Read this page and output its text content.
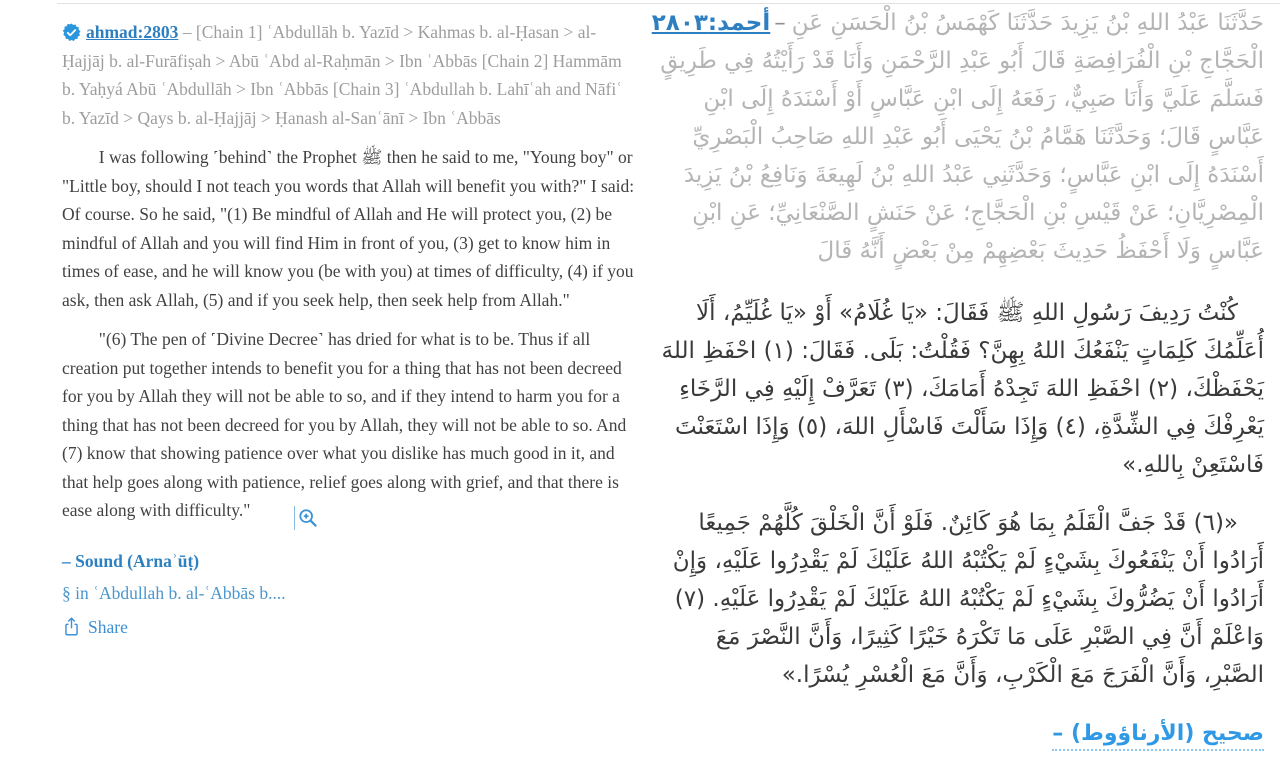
ahmad:2803 – [Chain 1] ʿAbdullāh b. Yazīd > Kahmas b. al-Ḥasan > al-Ḥajjāj b. al-Furāfiṣah > Abū ʿAbd al-Raḥmān > Ibn ʿAbbās [Chain 2] Hammām b. Yaḥyá Abū ʿAbdullāh > Ibn ʿAbbās [Chain 3] ʿAbdullah b. Lahīʿah and Nāfiʿ b. Yazīd > Qays b. al-Ḥajjāj > Ḥanash al-Sanʿānī > Ibn ʿAbbās

I was following ˹behind˺ the Prophet ﷺ then he said to me, "Young boy" or "Little boy, should I not teach you words that Allah will benefit you with?" I said: Of course. So he said, "(1) Be mindful of Allah and He will protect you, (2) be mindful of Allah and you will find Him in front of you, (3) get to know him in times of ease, and he will know you (be with you) at times of difficulty, (4) if you ask, then ask Allah, (5) and if you seek help, then seek help from Allah."

"(6) The pen of ˹Divine Decree˺ has dried for what is to be. Thus if all creation put together intends to benefit you for a thing that has not been decreed for you by Allah they will not be able to so, and if they intend to harm you for a thing that has not been decreed for you by Allah, they will not be able to so. And (7) know that showing patience over what you dislike has much good in it, and that help goes along with patience, relief goes along with grief, and that there is ease along with difficulty."

– Sound (Arnaʾūṭ)

§ in ʿAbdullah b. al-ʿAbbās b....

Share

أحمد:٢٨٠٣ – حَدَّثَنَا عَبْدُ اللهِ بْنُ يَزِيدَ حَدَّثَنَا كَهْمَسُ بْنُ الْحَسَنِ عَنِ الْحَجَّاجِ بْنِ الْفُرَافِصَةِ قَالَ أَبُو عَبْدِ الرَّحْمَنِ وَأَنَا قَدْ رَأَيْتُهُ فِي طَرِيقٍ فَسَلَّمَ عَلَيَّ وَأَنَا صَبِيٌّ، رَفَعَهُ إِلَى ابْنِ عَبَّاسٍ أَوْ أَسْنَدَهُ إِلَى ابْنِ عَبَّاسٍ قَالَ؛ وَحَدَّثَنَا هَمَّامُ بْنُ يَحْيَى أَبُو عَبْدِ اللهِ صَاحِبُ الْبَصْرِيِّ أَسْنَدَهُ إِلَى ابْنِ عَبَّاسٍ؛ وَحَدَّثَنِي عَبْدُ اللهِ بْنُ لَهِيعَةَ وَنَافِعُ بْنُ يَزِيدَ الْمِصْرِيَّانِ؛ عَنْ قَيْسِ بْنِ الْحَجَّاجِ؛ عَنْ حَنَشٍ الصَّنْعَانِيِّ؛ عَنِ ابْنِ عَبَّاسٍ وَلَا أَحْفَظُ حَدِيثَ بَعْضِهِمْ مِنْ بَعْضٍ أَنَّهُ قَالَ

كُنْتُ رَدِيفَ رَسُولِ اللهِ ﷺ فَقَالَ: «يَا غُلَامُ» أَوْ «يَا غُلَيِّمُ، أَلَا أُعَلِّمُكَ كَلِمَاتٍ يَنْفَعُكَ اللهُ بِهِنَّ؟ فَقُلْتُ: بَلَى. فَقَالَ: (١) احْفَظِ اللهَ يَحْفَظْكَ، (٢) احْفَظِ اللهَ تَجِدْهُ أَمَامَكَ، (٣) تَعَرَّفْ إِلَيْهِ فِي الرَّخَاءِ يَعْرِفْكَ فِي الشِّدَّةِ، (٤) وَإِذَا سَأَلْتَ فَاسْأَلِ اللهَ، (٥) وَإِذَا اسْتَعَنْتَ فَاسْتَعِنْ بِاللهِ.»

«(٦) قَدْ جَفَّ الْقَلَمُ بِمَا هُوَ كَائِنٌ. فَلَوْ أَنَّ الْخَلْقَ كُلَّهُمْ جَمِيعًا أَرَادُوا أَنْ يَنْفَعُوكَ بِشَيْءٍ لَمْ يَكْتُبْهُ اللهُ عَلَيْكَ لَمْ يَقْدِرُوا عَلَيْهِ، وَإِنْ أَرَادُوا أَنْ يَضُرُّوكَ بِشَيْءٍ لَمْ يَكْتُبْهُ اللهُ عَلَيْكَ لَمْ يَقْدِرُوا عَلَيْهِ. (٧) وَاعْلَمْ أَنَّ فِي الصَّبْرِ عَلَى مَا تَكْرَهُ خَيْرًا كَثِيرًا، وَأَنَّ النَّصْرَ مَعَ الصَّبْرِ، وَأَنَّ الْفَرَجَ مَعَ الْكَرْبِ، وَأَنَّ مَعَ الْعُسْرِ يُسْرًا.»

– صحيح (الأرناؤوط)
